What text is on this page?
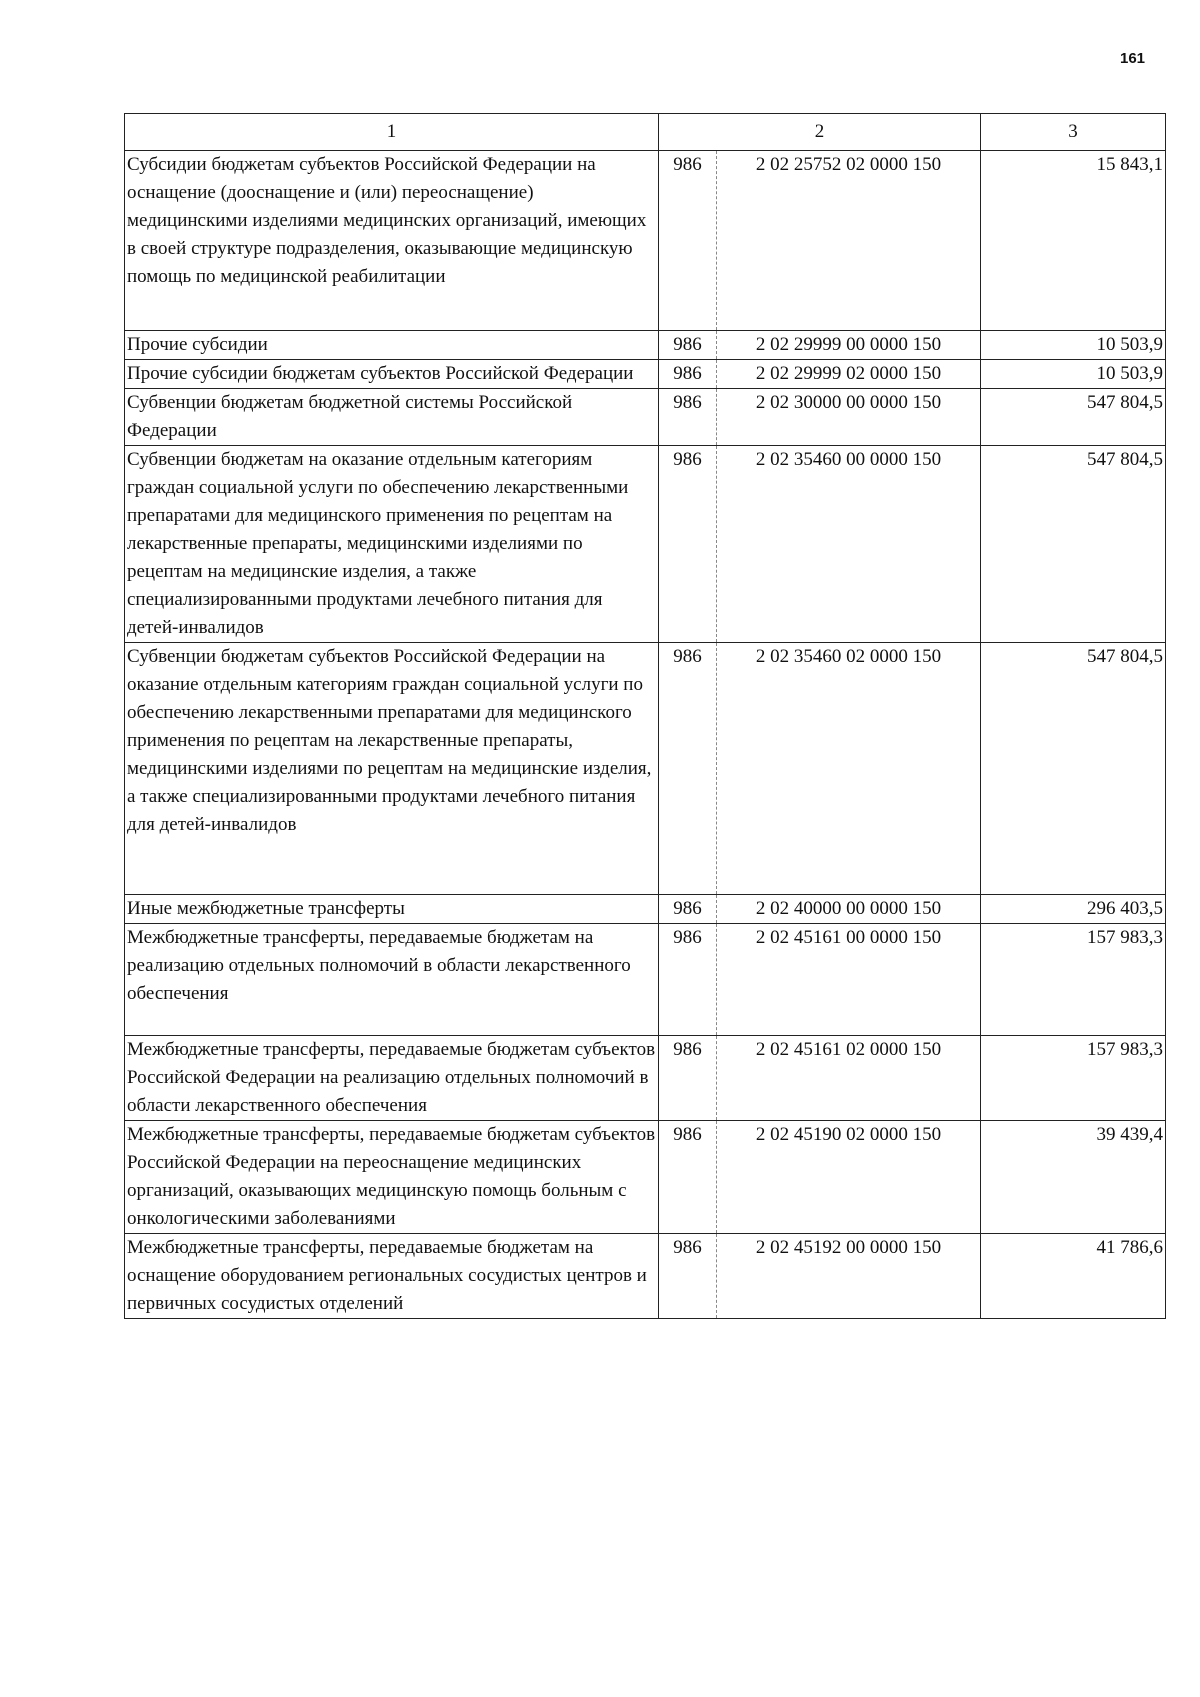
161
1	2		3
Субсидии бюджетам субъектов Российской Федерации на оснащение (дооснащение и (или) переоснащение) медицинскими изделиями медицинских организаций, имеющих в своей структуре подразделения, оказывающие медицинскую помощь по медицинской реабилитации	986	2 02 25752 02 0000 150	15 843,1
Прочие субсидии	986	2 02 29999 00 0000 150	10 503,9
Прочие субсидии бюджетам субъектов Российской Федерации	986	2 02 29999 02 0000 150	10 503,9
Субвенции бюджетам бюджетной системы Российской Федерации	986	2 02 30000 00 0000 150	547 804,5
Субвенции бюджетам на оказание отдельным категориям граждан социальной услуги по обеспечению лекарственными препаратами для медицинского применения по рецептам на лекарственные препараты, медицинскими изделиями по рецептам на медицинские изделия, а также специализированными продуктами лечебного питания для детей-инвалидов	986	2 02 35460 00 0000 150	547 804,5
Субвенции бюджетам субъектов Российской Федерации на оказание отдельным категориям граждан социальной услуги по обеспечению лекарственными препаратами для медицинского применения по рецептам на лекарственные препараты, медицинскими изделиями по рецептам на медицинские изделия, а также специализированными продуктами лечебного питания для детей-инвалидов	986	2 02 35460 02 0000 150	547 804,5
Иные межбюджетные трансферты	986	2 02 40000 00 0000 150	296 403,5
Межбюджетные трансферты, передаваемые бюджетам на реализацию отдельных полномочий в области лекарственного обеспечения	986	2 02 45161 00 0000 150	157 983,3
Межбюджетные трансферты, передаваемые бюджетам субъектов Российской Федерации на реализацию отдельных полномочий в области лекарственного обеспечения	986	2 02 45161 02 0000 150	157 983,3
Межбюджетные трансферты, передаваемые бюджетам субъектов Российской Федерации на переоснащение медицинских организаций, оказывающих медицинскую помощь больным с онкологическими заболеваниями	986	2 02 45190 02 0000 150	39 439,4
Межбюджетные трансферты, передаваемые бюджетам на оснащение оборудованием региональных сосудистых центров и первичных сосудистых отделений	986	2 02 45192 00 0000 150	41 786,6
